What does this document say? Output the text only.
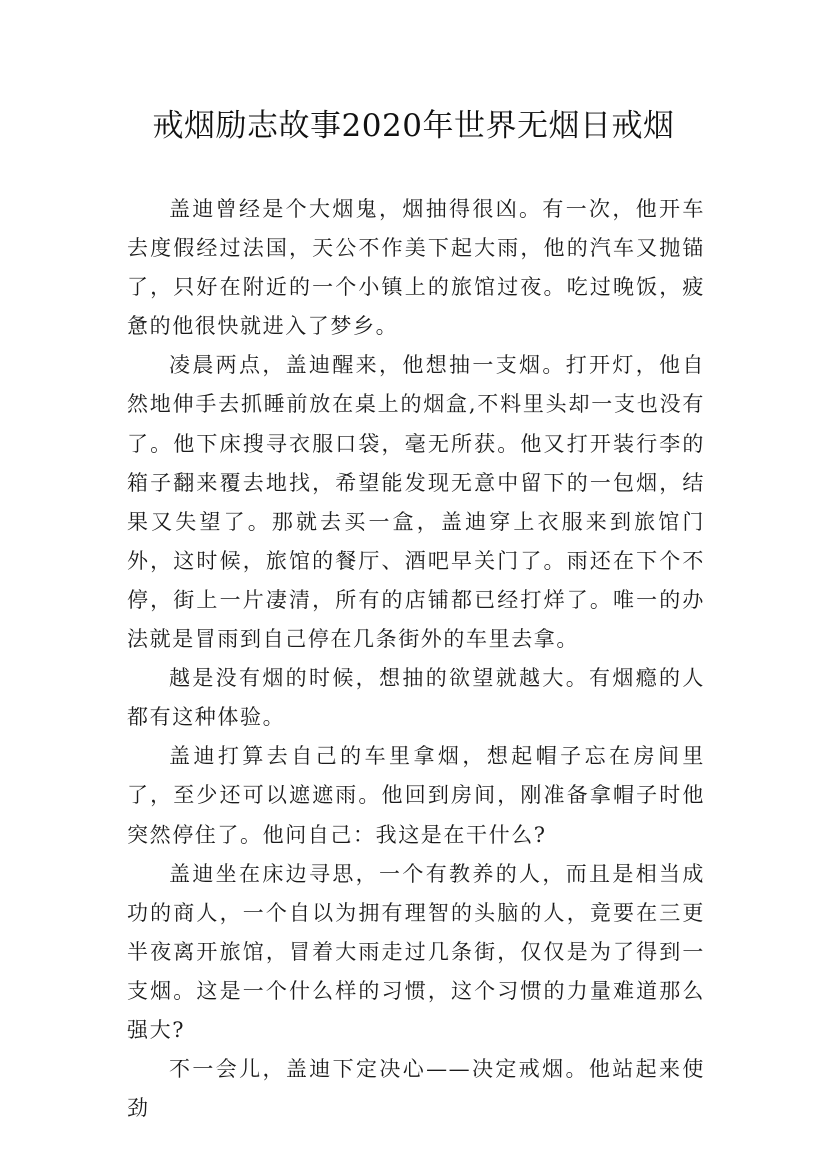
戒烟励志故事2020年世界无烟日戒烟

盖迪曾经是个大烟鬼，烟抽得很凶。有一次，他开车去度假经过法国，天公不作美下起大雨，他的汽车又抛锚了，只好在附近的一个小镇上的旅馆过夜。吃过晚饭，疲惫的他很快就进入了梦乡。

凌晨两点，盖迪醒来，他想抽一支烟。打开灯，他自然地伸手去抓睡前放在桌上的烟盒,不料里头却一支也没有了。他下床搜寻衣服口袋，毫无所获。他又打开装行李的箱子翻来覆去地找，希望能发现无意中留下的一包烟，结果又失望了。那就去买一盒，盖迪穿上衣服来到旅馆门外，这时候，旅馆的餐厅、酒吧早关门了。雨还在下个不停，街上一片凄清，所有的店铺都已经打烊了。唯一的办法就是冒雨到自己停在几条街外的车里去拿。

越是没有烟的时候，想抽的欲望就越大。有烟瘾的人都有这种体验。

盖迪打算去自己的车里拿烟，想起帽子忘在房间里了，至少还可以遮遮雨。他回到房间，刚准备拿帽子时他突然停住了。他问自己：我这是在干什么?

盖迪坐在床边寻思，一个有教养的人，而且是相当成功的商人，一个自以为拥有理智的头脑的人，竟要在三更半夜离开旅馆，冒着大雨走过几条街，仅仅是为了得到一支烟。这是一个什么样的习惯，这个习惯的力量难道那么强大?

不一会儿，盖迪下定决心——决定戒烟。他站起来使劲
